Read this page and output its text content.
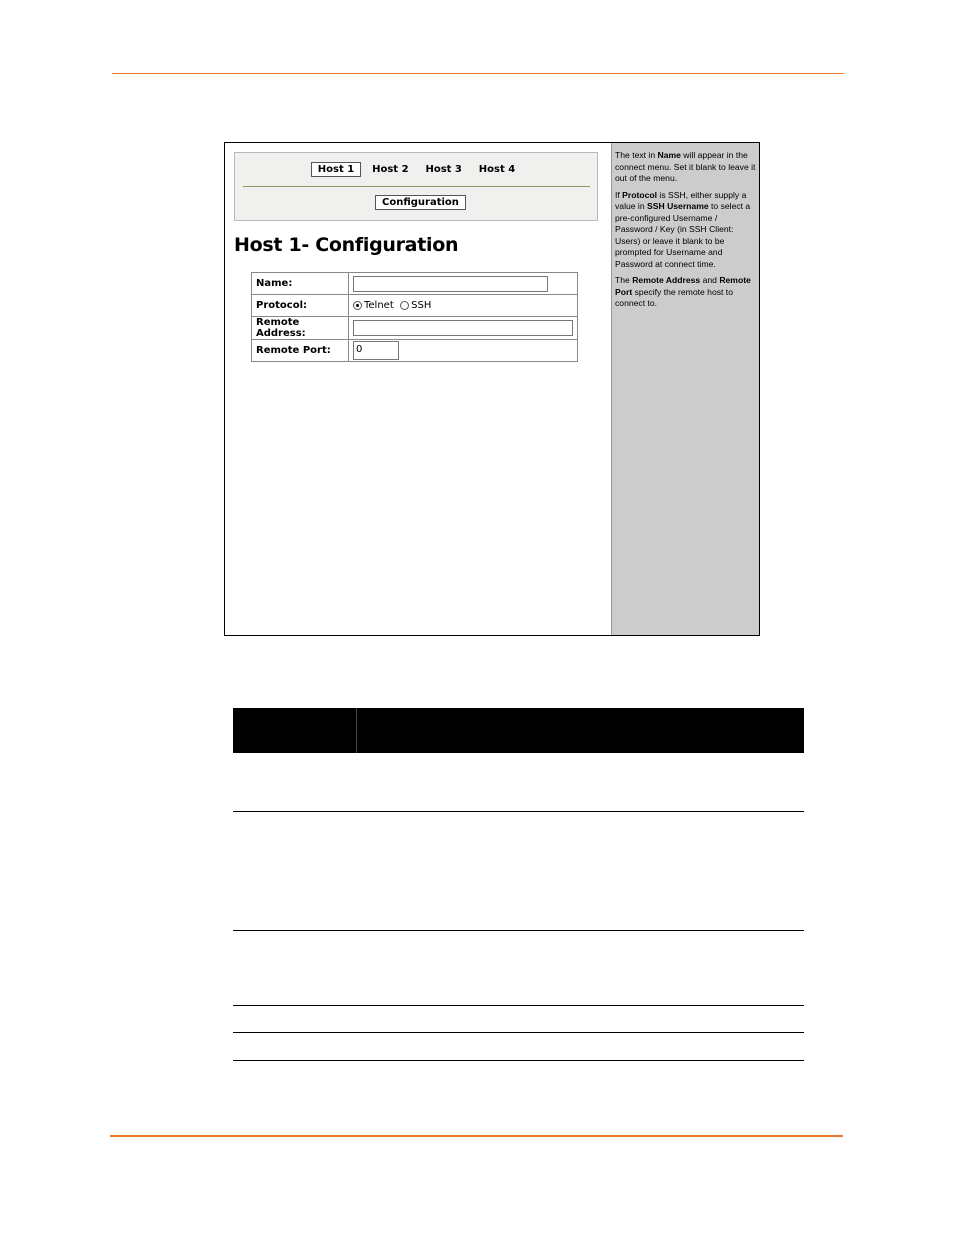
Host 1 Host 2 Host 3 Host 4
Configuration
Host 1- Configuration
Name:	
Protocol:	Telnet SSH
Remote Address:	
Remote Port:	0

The text in Name will appear in the connect menu. Set it blank to leave it out of the menu.

If Protocol is SSH, either supply a value in SSH Username to select a pre-configured Username / Password / Key (in SSH Client: Users) or leave it blank to be prompted for Username and Password at connect time.

The Remote Address and Remote Port specify the remote host to connect to.
